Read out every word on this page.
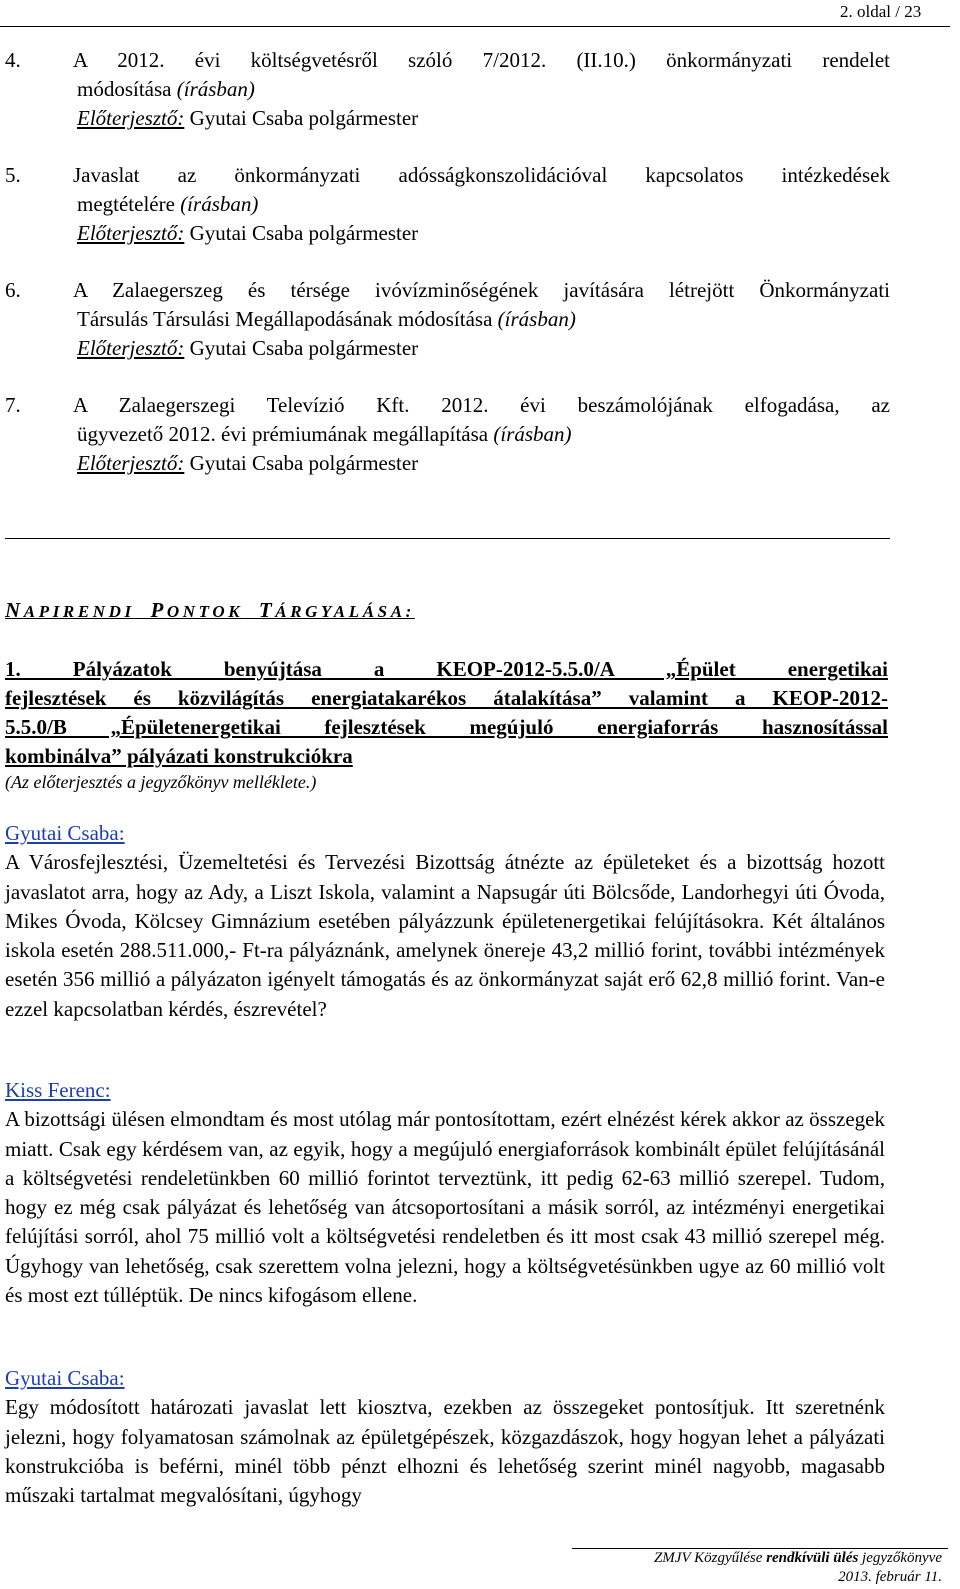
2. oldal / 23
4.	A 2012. évi költségvetésről szóló 7/2012. (II.10.) önkormányzati rendelet
módosítása (írásban)
Előterjesztő: Gyutai Csaba polgármester
5.	Javaslat az önkormányzati adósságkonszolidációval kapcsolatos intézkedések
megtételére (írásban)
Előterjesztő: Gyutai Csaba polgármester
6.	A Zalaegerszeg és térsége ivóvízminőségének javítására létrejött Önkormányzati
Társulás Társulási Megállapodásának módosítása (írásban)
Előterjesztő: Gyutai Csaba polgármester
7.	A Zalaegerszegi Televízió Kft. 2012. évi beszámolójának elfogadása, az
ügyvezető 2012. évi prémiumának megállapítása (írásban)
Előterjesztő: Gyutai Csaba polgármester
NAPIRENDI PONTOK TÁRGYALÁSA:
1. Pályázatok benyújtása a KEOP-2012-5.5.0/A „Épület energetikai
fejlesztések és közvilágítás energiatakarékos átalakítása” valamint a KEOP-2012-
5.5.0/B „Épületenergetikai fejlesztések megújuló energiaforrás hasznosítással
kombinálva” pályázati konstrukciókra
(Az előterjesztés a jegyzőkönyv melléklete.)
Gyutai Csaba:
A Városfejlesztési, Üzemeltetési és Tervezési Bizottság átnézte az épületeket és a bizottság hozott javaslatot arra, hogy az Ady, a Liszt Iskola, valamint a Napsugár úti Bölcsőde, Landorhegyi úti Óvoda, Mikes Óvoda, Kölcsey Gimnázium esetében pályázzunk épületenergetikai felújításokra. Két általános iskola esetén 288.511.000,- Ft-ra pályáznánk, amelynek önereje 43,2 millió forint, további intézmények esetén 356 millió a pályázaton igényelt támogatás és az önkormányzat saját erő 62,8 millió forint. Van-e ezzel kapcsolatban kérdés, észrevétel?
Kiss Ferenc:
A bizottsági ülésen elmondtam és most utólag már pontosítottam, ezért elnézést kérek akkor az összegek miatt. Csak egy kérdésem van, az egyik, hogy a megújuló energiaforrások kombinált épület felújításánál a költségvetési rendeletünkben 60 millió forintot terveztünk, itt pedig 62-63 millió szerepel. Tudom, hogy ez még csak pályázat és lehetőség van átcsoportosítani a másik sorról, az intézményi energetikai felújítási sorról, ahol 75 millió volt a költségvetési rendeletben és itt most csak 43 millió szerepel még. Úgyhogy van lehetőség, csak szerettem volna jelezni, hogy a költségvetésünkben ugye az 60 millió volt és most ezt túlléptük. De nincs kifogásom ellene.
Gyutai Csaba:
Egy módosított határozati javaslat lett kiosztva, ezekben az összegeket pontosítjuk. Itt szeretnénk jelezni, hogy folyamatosan számolnak az épületgépészek, közgazdászok, hogy hogyan lehet a pályázati konstrukcióba is beférni, minél több pénzt elhozni és lehetőség szerint minél nagyobb, magasabb műszaki tartalmat megvalósítani, úgyhogy
ZMJV Közgyűlése rendkívüli ülés jegyzőkönyve
2013. február 11.
